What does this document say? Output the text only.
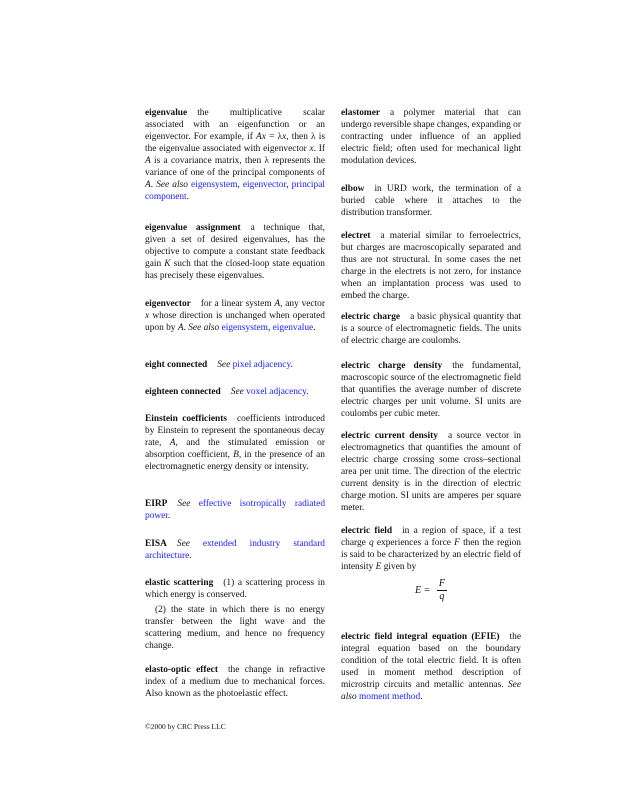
eigenvalue the multiplicative scalar associated with an eigenfunction or an eigenvector. For example, if Ax = λx, then λ is the eigenvalue associated with eigenvector x. If A is a covariance matrix, then λ represents the variance of one of the principal components of A. See also eigensystem, eigenvector, principal component.

eigenvalue assignment a technique that, given a set of desired eigenvalues, has the objective to compute a constant state feedback gain K such that the closed-loop state equation has precisely these eigenvalues.

eigenvector for a linear system A, any vector x whose direction is unchanged when operated upon by A. See also eigensystem, eigenvalue.

eight connected See pixel adjacency.

eighteen connected See voxel adjacency.

Einstein coefficients coefficients introduced by Einstein to represent the spontaneous decay rate, A, and the stimulated emission or absorption coefficient, B, in the presence of an electromagnetic energy density or intensity.

EIRP See effective isotropically radiated power.

EISA See extended industry standard architecture.

elastic scattering (1) a scattering process in which energy is conserved.

(2) the state in which there is no energy transfer between the light wave and the scattering medium, and hence no frequency change.

elasto-optic effect the change in refractive index of a medium due to mechanical forces. Also known as the photoelastic effect.

$E = \frac{F}{q}$

elastomer a polymer material that can undergo reversible shape changes, expanding or contracting under influence of an applied electric field; often used for mechanical light modulation devices.

elbow in URD work, the termination of a buried cable where it attaches to the distribution transformer.

electret a material similar to ferroelectrics, but charges are macroscopically separated and thus are not structural. In some cases the net charge in the electrets is not zero, for instance when an implantation process was used to embed the charge.

electric charge a basic physical quantity that is a source of electromagnetic fields. The units of electric charge are coulombs.

electric charge density the fundamental, macroscopic source of the electromagnetic field that quantifies the average number of discrete electric charges per unit volume. SI units are coulombs per cubic meter.

electric current density a source vector in electromagnetics that quantifies the amount of electric charge crossing some cross–sectional area per unit time. The direction of the electric current density is in the direction of electric charge motion. SI units are amperes per square meter.

electric field in a region of space, if a test charge q experiences a force F then the region is said to be characterized by an electric field of intensity E given by

electric field integral equation (EFIE) the integral equation based on the boundary condition of the total electric field. It is often used in moment method description of microstrip circuits and metallic antennas. See also moment method.

©2000 by CRC Press LLC
